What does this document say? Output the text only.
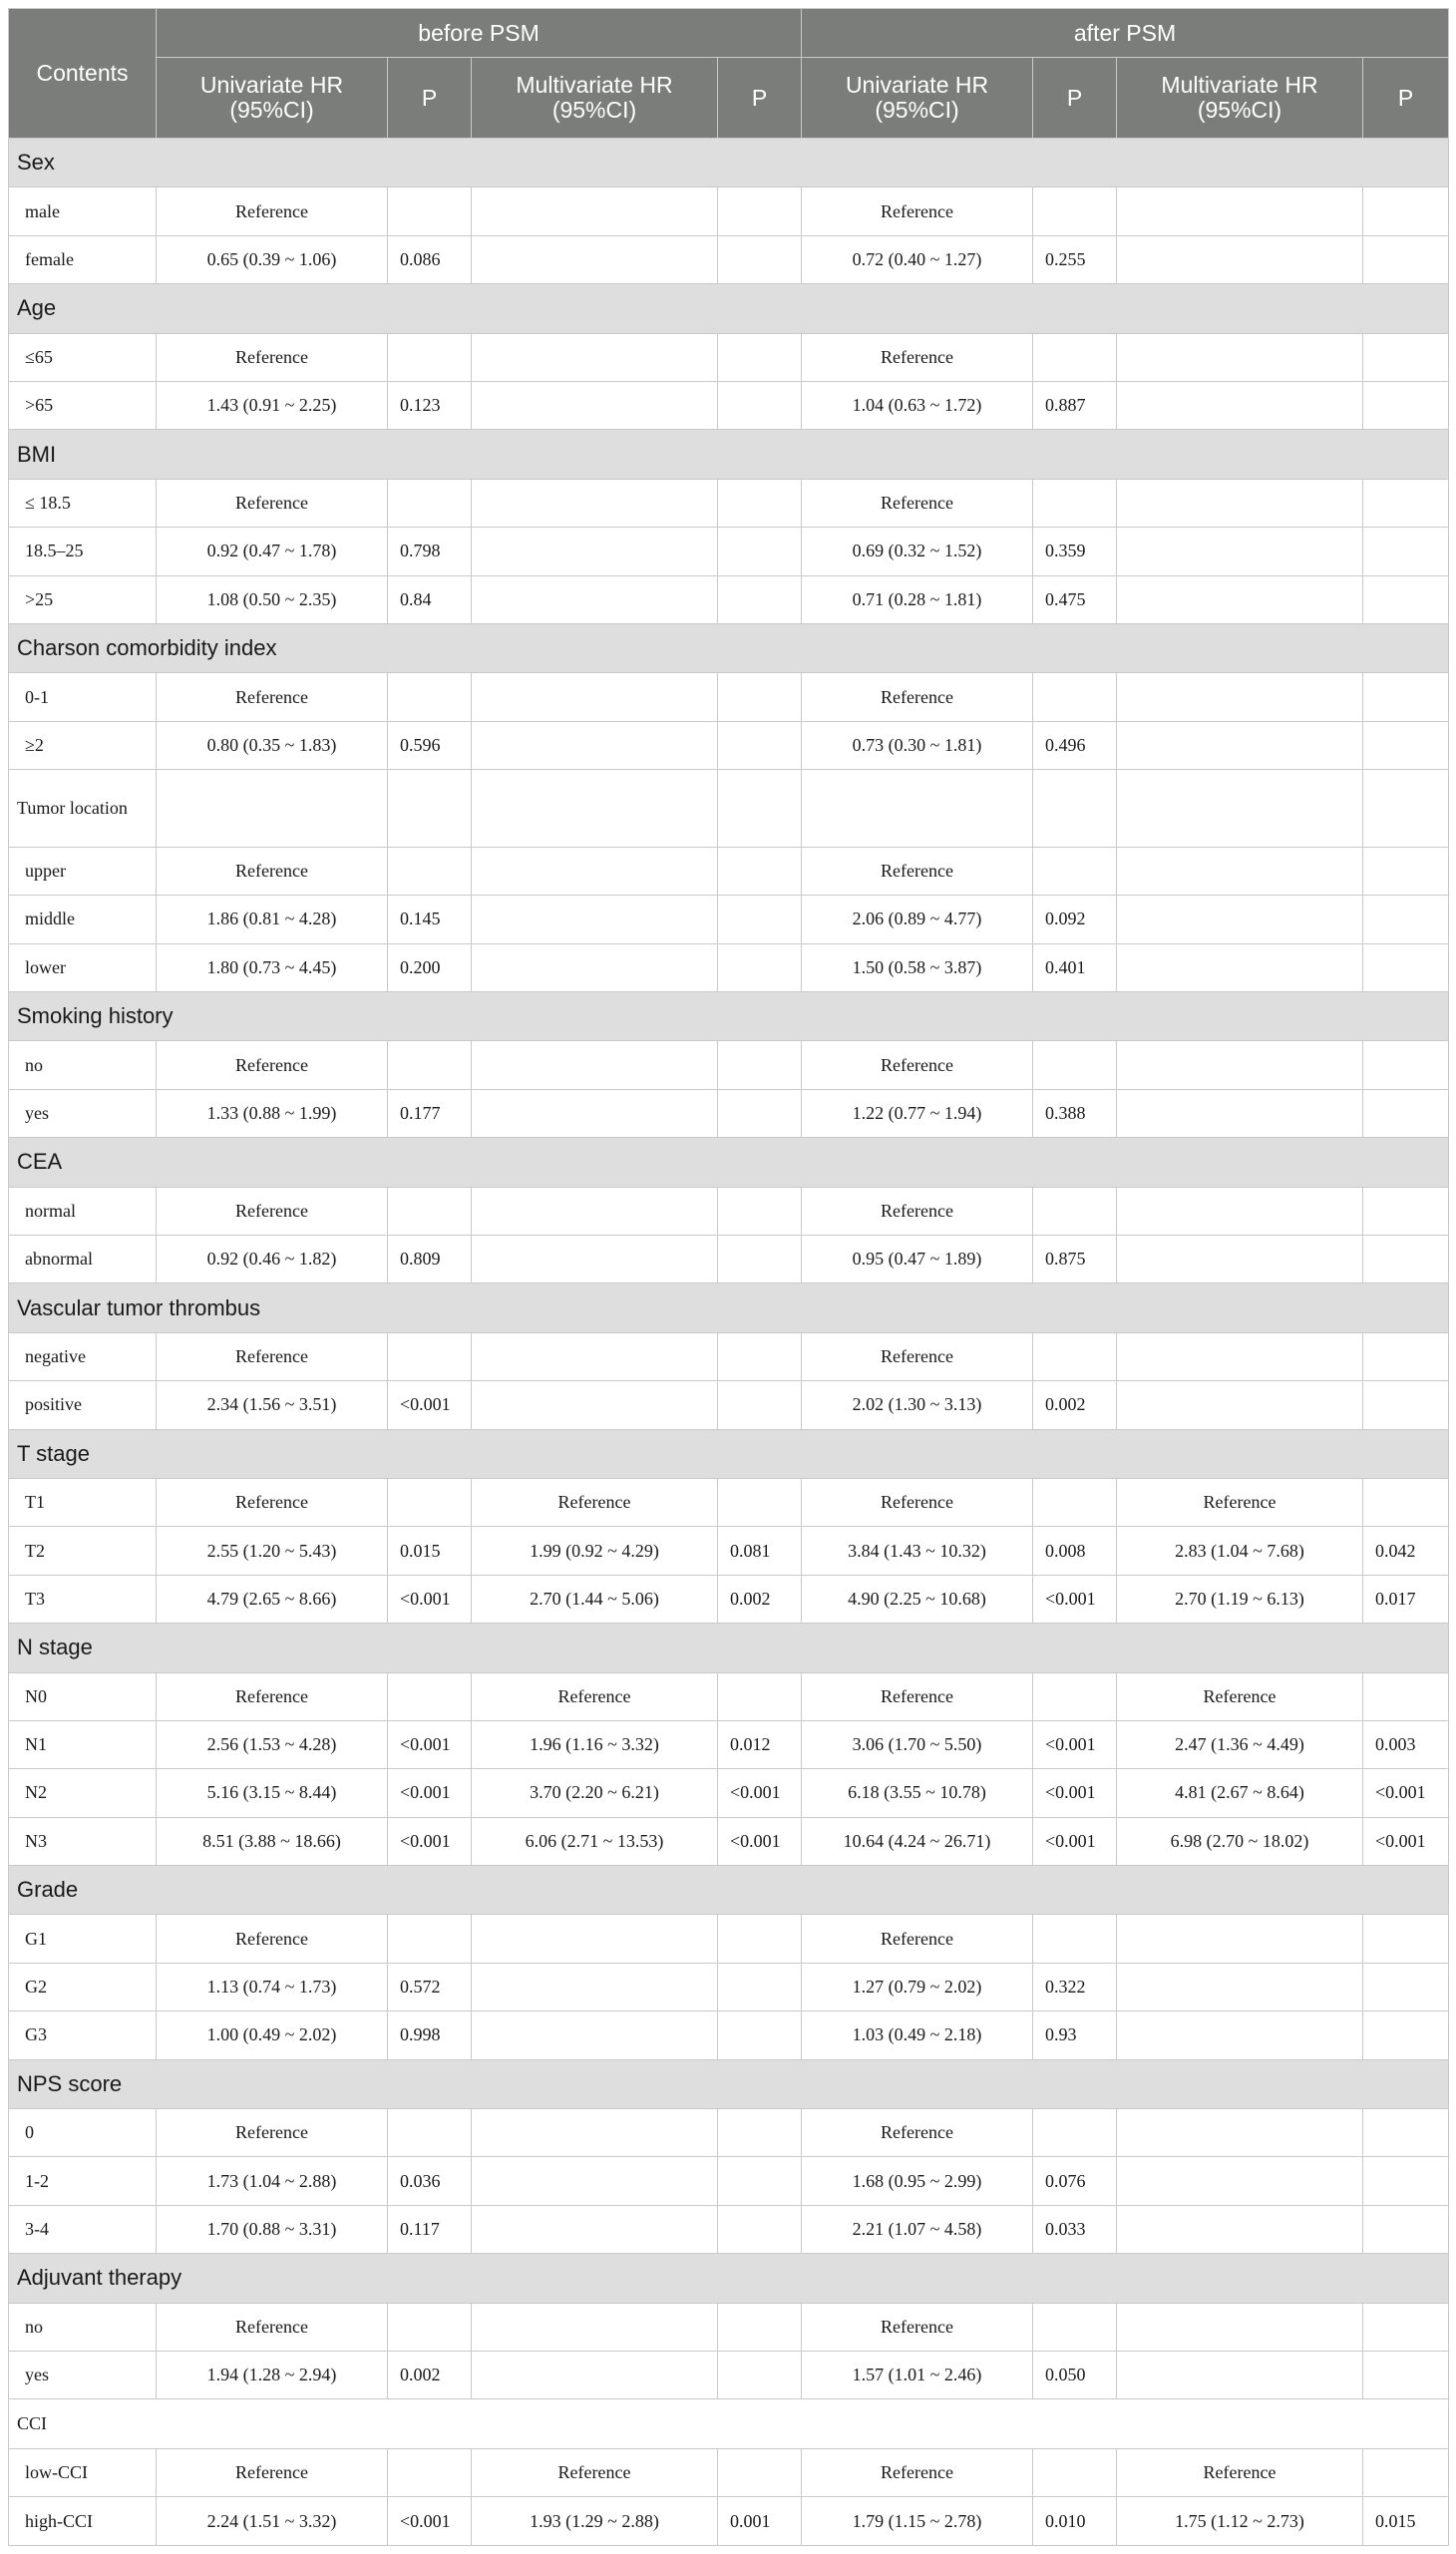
Contents	before PSM				after PSM			
	Univariate HR (95%CI)	P	Multivariate HR (95%CI)	P	Univariate HR (95%CI)	P	Multivariate HR (95%CI)	P
Sex								
male	Reference				Reference			
female	0.65 (0.39 ~ 1.06)	0.086			0.72 (0.40 ~ 1.27)	0.255		
Age								
≤65	Reference				Reference			
>65	1.43 (0.91 ~ 2.25)	0.123			1.04 (0.63 ~ 1.72)	0.887		
BMI								
≤ 18.5	Reference				Reference			
18.5–25	0.92 (0.47 ~ 1.78)	0.798			0.69 (0.32 ~ 1.52)	0.359		
>25	1.08 (0.50 ~ 2.35)	0.84			0.71 (0.28 ~ 1.81)	0.475		
Charson comorbidity index								
0-1	Reference				Reference			
≥2	0.80 (0.35 ~ 1.83)	0.596			0.73 (0.30 ~ 1.81)	0.496		
Tumor location								
upper	Reference				Reference			
middle	1.86 (0.81 ~ 4.28)	0.145			2.06 (0.89 ~ 4.77)	0.092		
lower	1.80 (0.73 ~ 4.45)	0.200			1.50 (0.58 ~ 3.87)	0.401		
Smoking history								
no	Reference				Reference			
yes	1.33 (0.88 ~ 1.99)	0.177			1.22 (0.77 ~ 1.94)	0.388		
CEA								
normal	Reference				Reference			
abnormal	0.92 (0.46 ~ 1.82)	0.809			0.95 (0.47 ~ 1.89)	0.875		
Vascular tumor thrombus								
negative	Reference				Reference			
positive	2.34 (1.56 ~ 3.51)	<0.001			2.02 (1.30 ~ 3.13)	0.002		
T stage								
T1	Reference		Reference		Reference		Reference	
T2	2.55 (1.20 ~ 5.43)	0.015	1.99 (0.92 ~ 4.29)	0.081	3.84 (1.43 ~ 10.32)	0.008	2.83 (1.04 ~ 7.68)	0.042
T3	4.79 (2.65 ~ 8.66)	<0.001	2.70 (1.44 ~ 5.06)	0.002	4.90 (2.25 ~ 10.68)	<0.001	2.70 (1.19 ~ 6.13)	0.017
N stage								
N0	Reference		Reference		Reference		Reference	
N1	2.56 (1.53 ~ 4.28)	<0.001	1.96 (1.16 ~ 3.32)	0.012	3.06 (1.70 ~ 5.50)	<0.001	2.47 (1.36 ~ 4.49)	0.003
N2	5.16 (3.15 ~ 8.44)	<0.001	3.70 (2.20 ~ 6.21)	<0.001	6.18 (3.55 ~ 10.78)	<0.001	4.81 (2.67 ~ 8.64)	<0.001
N3	8.51 (3.88 ~ 18.66)	<0.001	6.06 (2.71 ~ 13.53)	<0.001	10.64 (4.24 ~ 26.71)	<0.001	6.98 (2.70 ~ 18.02)	<0.001
Grade								
G1	Reference				Reference			
G2	1.13 (0.74 ~ 1.73)	0.572			1.27 (0.79 ~ 2.02)	0.322		
G3	1.00 (0.49 ~ 2.02)	0.998			1.03 (0.49 ~ 2.18)	0.93		
NPS score								
0	Reference				Reference			
1-2	1.73 (1.04 ~ 2.88)	0.036			1.68 (0.95 ~ 2.99)	0.076		
3-4	1.70 (0.88 ~ 3.31)	0.117			2.21 (1.07 ~ 4.58)	0.033		
Adjuvant therapy								
no	Reference				Reference			
yes	1.94 (1.28 ~ 2.94)	0.002			1.57 (1.01 ~ 2.46)	0.050		
CCI								
low-CCI	Reference		Reference		Reference		Reference	
high-CCI	2.24 (1.51 ~ 3.32)	<0.001	1.93 (1.29 ~ 2.88)	0.001	1.79 (1.15 ~ 2.78)	0.010	1.75 (1.12 ~ 2.73)	0.015
